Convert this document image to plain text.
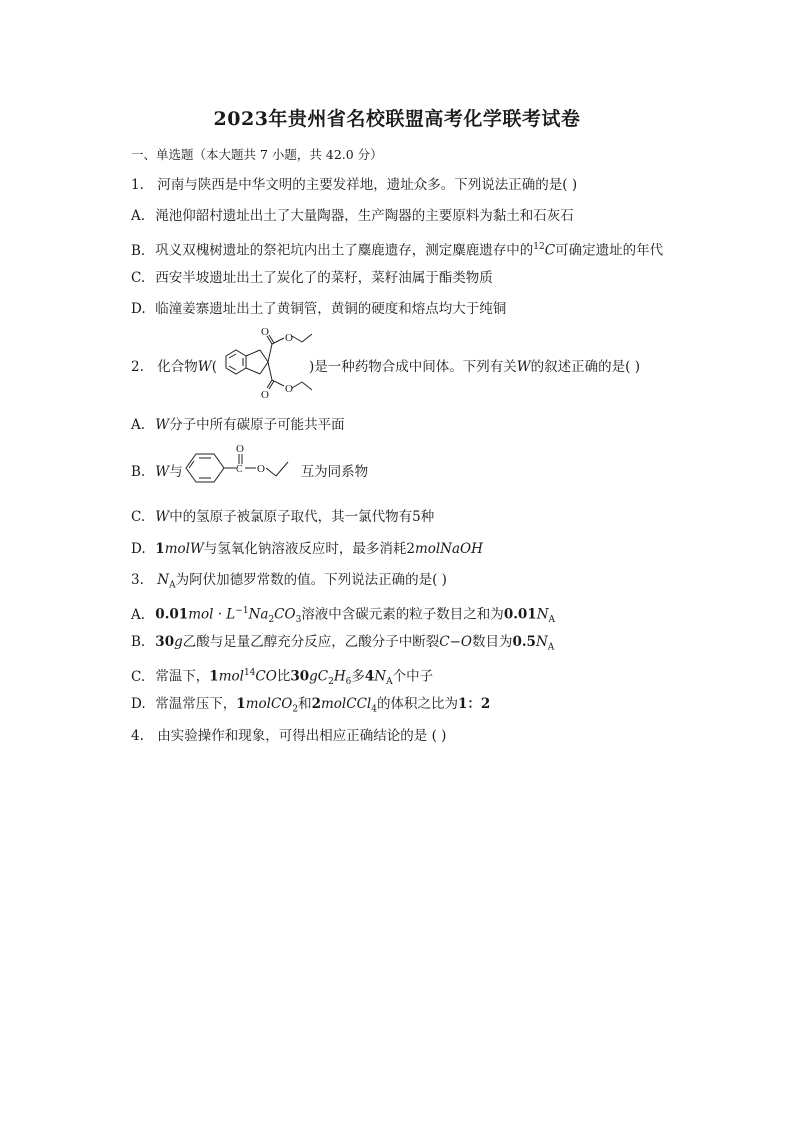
2023年贵州省名校联盟高考化学联考试卷
一、单选题（本大题共 7 小题，共 42.0 分）
1. 河南与陕西是中华文明的主要发祥地，遗址众多。下列说法正确的是( )
A. 渑池仰韶村遗址出土了大量陶器，生产陶器的主要原料为黏土和石灰石
B. 巩义双槐树遗址的祭祀坑内出土了麋鹿遗存，测定麋鹿遗存中的$^{12}$C可确定遗址的年代
C. 西安半坡遗址出土了炭化了的菜籽，菜籽油属于酯类物质
D. 临潼姜寨遗址出土了黄铜管，黄铜的硬度和熔点均大于纯铜
2. 化合物W(	)是一种药物合成中间体。下列有关W的叙述正确的是( )
O O
O O
A. W分子中所有碳原子可能共平面
B. W与	互为同系物
O
O
C
C. W中的氢原子被氯原子取代，其一氯代物有5种
D. 1molW与氢氧化钠溶液反应时，最多消耗2molNaOH
3. $N_A$为阿伏加德罗常数的值。下列说法正确的是( )
A. $0.01mol \cdot L^{-1}Na_2CO_3$溶液中含碳元素的粒子数目之和为$0.01N_A$
B. 30g乙酸与足量乙醇充分反应，乙酸分子中断裂C−O数目为$0.5N_A$
C. 常温下，1mol$^{14}$CO比$30gC_2H_6$多$4N_A$个中子
D. 常温常压下，1molCO$_2$和2molCCl$_4$的体积之比为1：2
4. 由实验操作和现象，可得出相应正确结论的是 ( )
